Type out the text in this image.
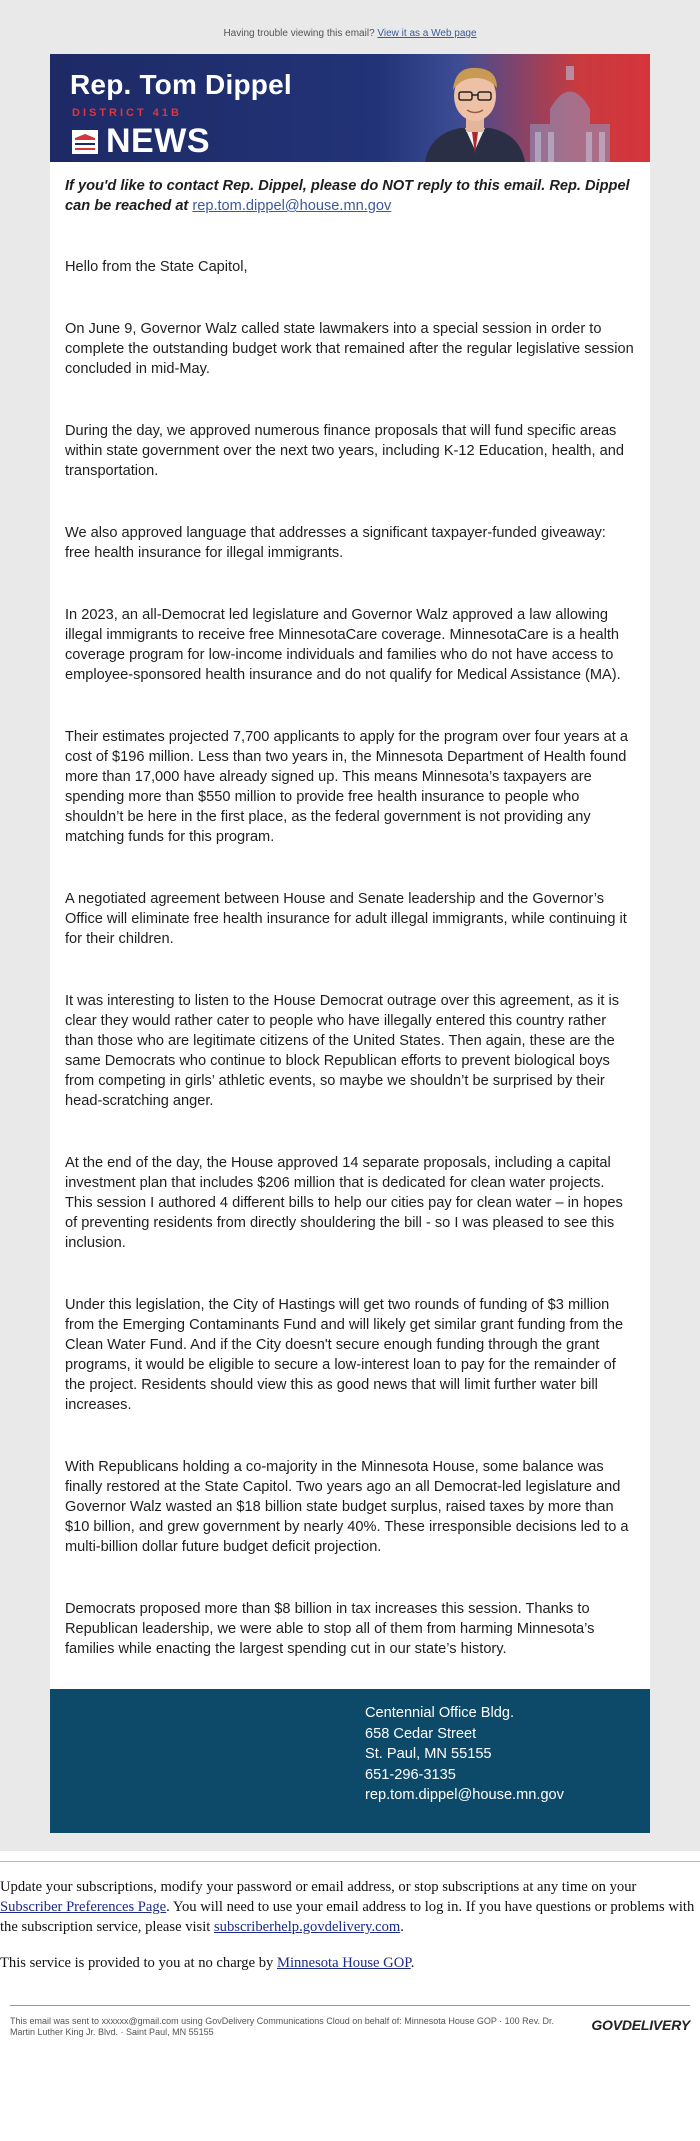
Having trouble viewing this email? View it as a Web page
Rep. Tom Dippel
DISTRICT 41B
NEWS

If you'd like to contact Rep. Dippel, please do NOT reply to this email. Rep. Dippel can be reached at rep.tom.dippel@house.mn.gov

Hello from the State Capitol,

On June 9, Governor Walz called state lawmakers into a special session in order to complete the outstanding budget work that remained after the regular legislative session concluded in mid-May.

During the day, we approved numerous finance proposals that will fund specific areas within state government over the next two years, including K-12 Education, health, and transportation.

We also approved language that addresses a significant taxpayer-funded giveaway: free health insurance for illegal immigrants.

In 2023, an all-Democrat led legislature and Governor Walz approved a law allowing illegal immigrants to receive free MinnesotaCare coverage. MinnesotaCare is a health coverage program for low-income individuals and families who do not have access to employee-sponsored health insurance and do not qualify for Medical Assistance (MA).

Their estimates projected 7,700 applicants to apply for the program over four years at a cost of $196 million. Less than two years in, the Minnesota Department of Health found more than 17,000 have already signed up. This means Minnesota’s taxpayers are spending more than $550 million to provide free health insurance to people who shouldn’t be here in the first place, as the federal government is not providing any matching funds for this program.

A negotiated agreement between House and Senate leadership and the Governor’s Office will eliminate free health insurance for adult illegal immigrants, while continuing it for their children.

It was interesting to listen to the House Democrat outrage over this agreement, as it is clear they would rather cater to people who have illegally entered this country rather than those who are legitimate citizens of the United States. Then again, these are the same Democrats who continue to block Republican efforts to prevent biological boys from competing in girls’ athletic events, so maybe we shouldn’t be surprised by their head-scratching anger.

At the end of the day, the House approved 14 separate proposals, including a capital investment plan that includes $206 million that is dedicated for clean water projects. This session I authored 4 different bills to help our cities pay for clean water – in hopes of preventing residents from directly shouldering the bill - so I was pleased to see this inclusion.

Under this legislation, the City of Hastings will get two rounds of funding of $3 million from the Emerging Contaminants Fund and will likely get similar grant funding from the Clean Water Fund. And if the City doesn't secure enough funding through the grant programs, it would be eligible to secure a low-interest loan to pay for the remainder of the project. Residents should view this as good news that will limit further water bill increases.

With Republicans holding a co-majority in the Minnesota House, some balance was finally restored at the State Capitol. Two years ago an all Democrat-led legislature and Governor Walz wasted an $18 billion state budget surplus, raised taxes by more than $10 billion, and grew government by nearly 40%. These irresponsible decisions led to a multi-billion dollar future budget deficit projection.

Democrats proposed more than $8 billion in tax increases this session. Thanks to Republican leadership, we were able to stop all of them from harming Minnesota’s families while enacting the largest spending cut in our state’s history.

Centennial Office Bldg.
658 Cedar Street
St. Paul, MN 55155
651-296-3135
rep.tom.dippel@house.mn.gov

Update your subscriptions, modify your password or email address, or stop subscriptions at any time on your Subscriber Preferences Page. You will need to use your email address to log in. If you have questions or problems with the subscription service, please visit subscriberhelp.govdelivery.com.

This service is provided to you at no charge by Minnesota House GOP.

This email was sent to xxxxxx@gmail.com using GovDelivery Communications Cloud on behalf of: Minnesota House GOP · 100 Rev. Dr. Martin Luther King Jr. Blvd. · Saint Paul, MN 55155	GOVDELIVERY
